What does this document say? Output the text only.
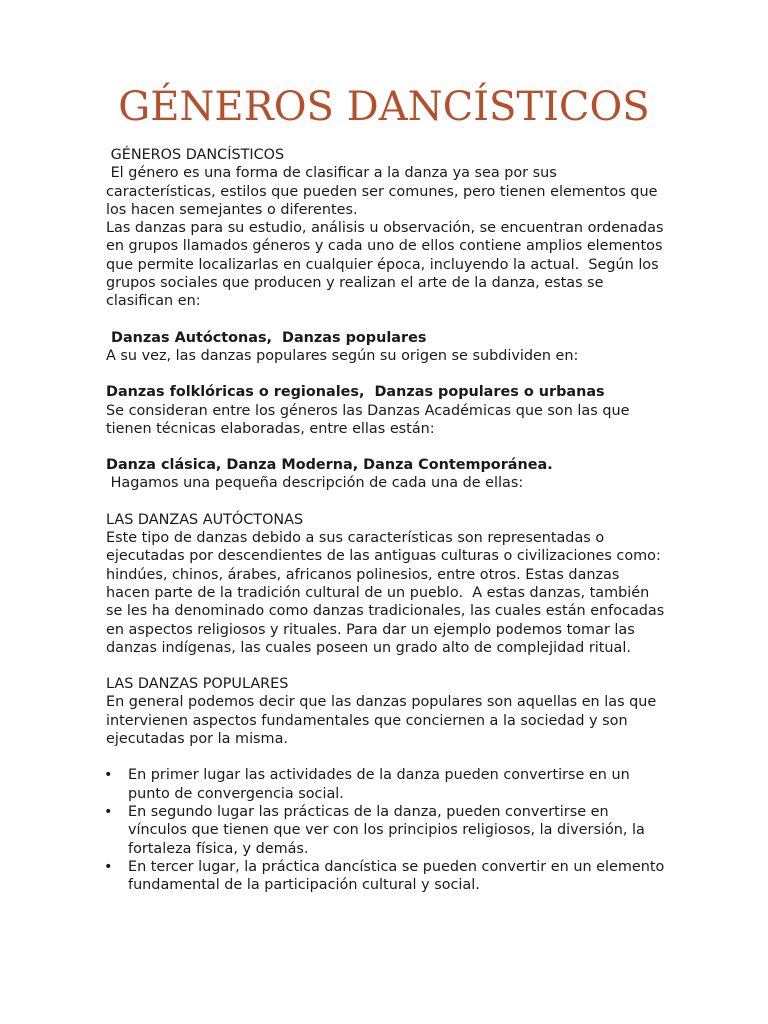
GÉNEROS DANCÍSTICOS

GÉNEROS DANCÍSTICOS

El género es una forma de clasificar a la danza ya sea por sus características, estilos que pueden ser comunes, pero tienen elementos que los hacen semejantes o diferentes.

Las danzas para su estudio, análisis u observación, se encuentran ordenadas en grupos llamados géneros y cada uno de ellos contiene amplios elementos que permite localizarlas en cualquier época, incluyendo la actual.  Según los grupos sociales que producen y realizan el arte de la danza, estas se clasifican en:

Danzas Autóctonas,  Danzas populares

A su vez, las danzas populares según su origen se subdividen en:

Danzas folklóricas o regionales,  Danzas populares o urbanas

Se consideran entre los géneros las Danzas Académicas que son las que tienen técnicas elaboradas, entre ellas están:

Danza clásica, Danza Moderna, Danza Contemporánea.

Hagamos una pequeña descripción de cada una de ellas:

LAS DANZAS AUTÓCTONAS

Este tipo de danzas debido a sus características son representadas o ejecutadas por descendientes de las antiguas culturas o civilizaciones como: hindúes, chinos, árabes, africanos polinesios, entre otros. Estas danzas hacen parte de la tradición cultural de un pueblo.  A estas danzas, también se les ha denominado como danzas tradicionales, las cuales están enfocadas en aspectos religiosos y rituales. Para dar un ejemplo podemos tomar las danzas indígenas, las cuales poseen un grado alto de complejidad ritual.

LAS DANZAS POPULARES

En general podemos decir que las danzas populares son aquellas en las que intervienen aspectos fundamentales que conciernen a la sociedad y son ejecutadas por la misma.

• En primer lugar las actividades de la danza pueden convertirse en un punto de convergencia social.
• En segundo lugar las prácticas de la danza, pueden convertirse en vínculos que tienen que ver con los principios religiosos, la diversión, la fortaleza física, y demás.
• En tercer lugar, la práctica dancística se pueden convertir en un elemento fundamental de la participación cultural y social.
